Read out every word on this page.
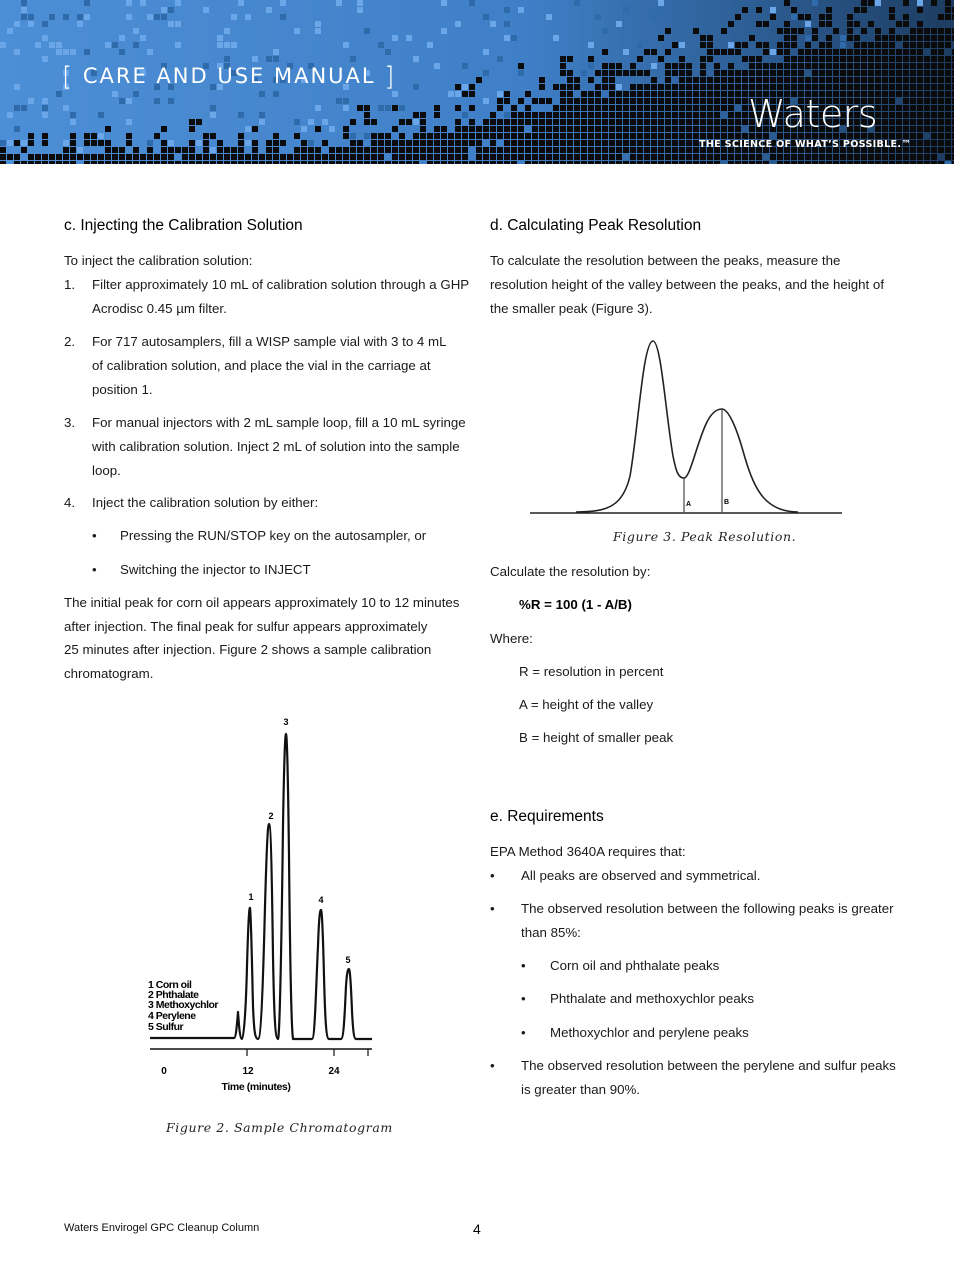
[ CARE AND USE MANUAL ]
Waters
THE SCIENCE OF WHAT’S POSSIBLE.™
c. Injecting the Calibration Solution

To inject the calibration solution:

1. Filter approximately 10 mL of calibration solution through a GHP
Acrodisc 0.45 µm filter.
2. For 717 autosamplers, fill a WISP sample vial with 3 to 4 mL
of calibration solution, and place the vial in the carriage at
position 1.
3. For manual injectors with 2 mL sample loop, fill a 10 mL syringe
with calibration solution. Inject 2 mL of solution into the sample
loop.
4. Inject the calibration solution by either:
• Pressing the RUN/STOP key on the autosampler, or
• Switching the injector to INJECT
The initial peak for corn oil appears approximately 10 to 12 minutes
after injection. The final peak for sulfur appears approximately
25 minutes after injection. Figure 2 shows a sample calibration
chromatogram.
1
2
3
4
5
1 Corn oil
2 Phthalate
3 Methoxychlor
4 Perylene
5 Sulfur
0	12	24
Time (minutes)
Figure 2. Sample Chromatogram
d. Calculating Peak Resolution
To calculate the resolution between the peaks, measure the
resolution height of the valley between the peaks, and the height of
the smaller peak (Figure 3).
Calculate the resolution by:
%R = 100 (1 - A/B)
Where:
R = resolution in percent
A = height of the valley
B = height of smaller peak
e. Requirements
EPA Method 3640A requires that:
• All peaks are observed and symmetrical.
• The observed resolution between the following peaks is greater
than 85%:
• Corn oil and phthalate peaks
• Phthalate and methoxychlor peaks
• Methoxychlor and perylene peaks
• The observed resolution between the perylene and sulfur peaks
is greater than 90%.
A	B
Figure 3. Peak Resolution.
Waters Envirogel GPC Cleanup Column	4
